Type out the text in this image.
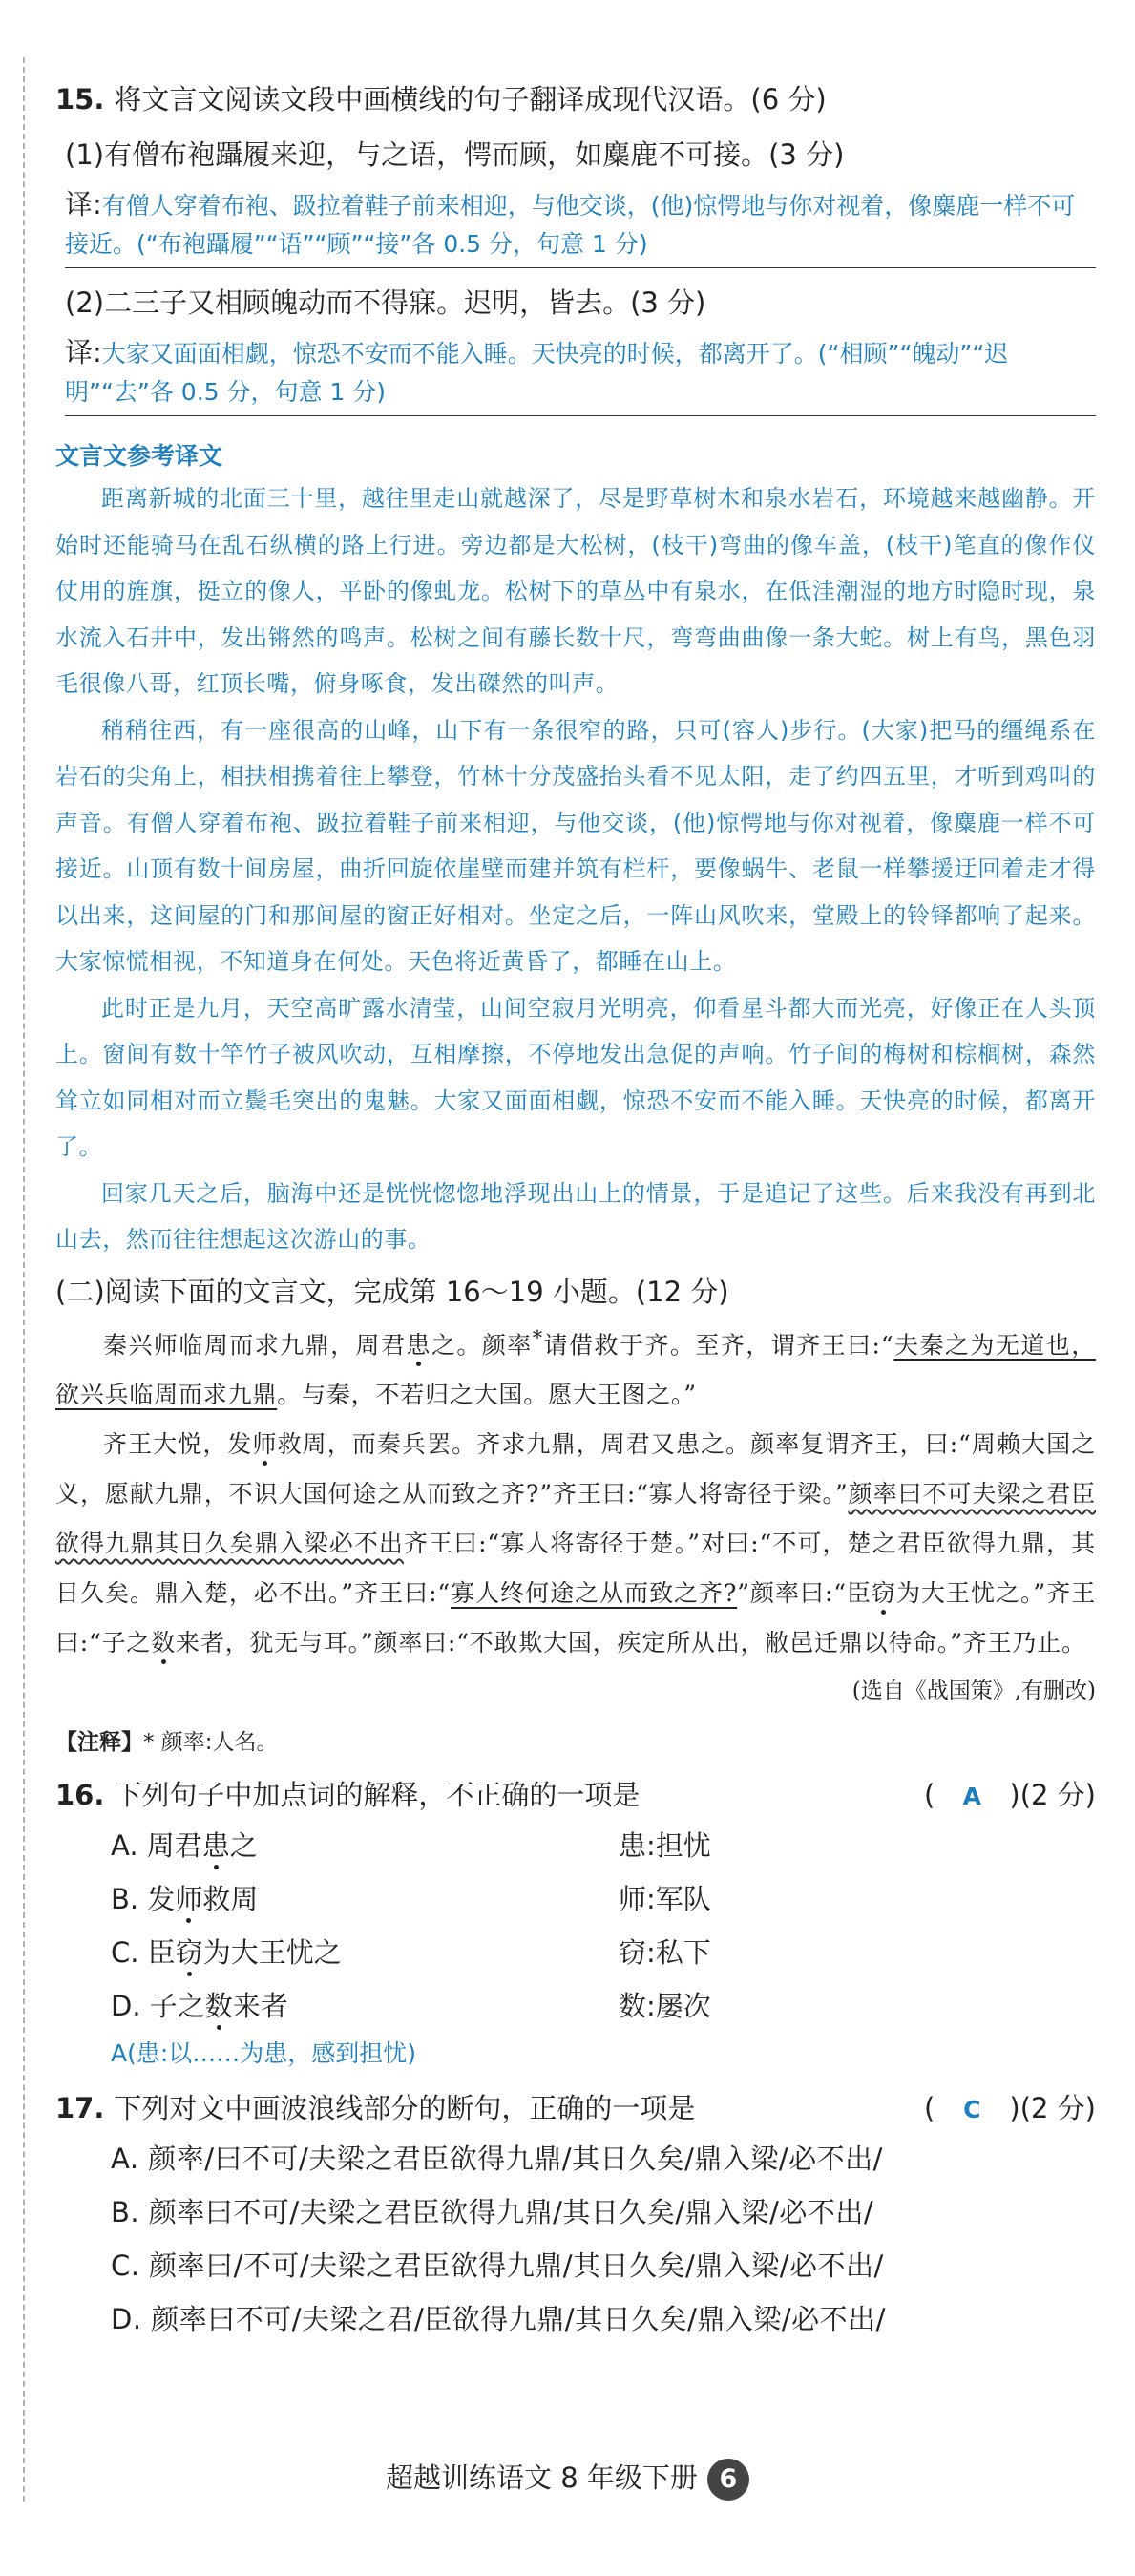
15. 将文言文阅读文段中画横线的句子翻译成现代汉语。(6 分)
(1)有僧布袍躡履来迎，与之语，愕而顾，如麋鹿不可接。(3 分)
译:有僧人穿着布袍、趿拉着鞋子前来相迎，与他交谈，(他)惊愕地与你对视着，像麋鹿一样不可接近。(“布袍躡履”“语”“顾”“接”各 0.5 分，句意 1 分)
(2)二三子又相顾魄动而不得寐。迟明，皆去。(3 分)
译:大家又面面相觑，惊恐不安而不能入睡。天快亮的时候，都离开了。(“相顾”“魄动”“迟明”“去”各 0.5 分，句意 1 分)
文言文参考译文
距离新城的北面三十里，越往里走山就越深了，尽是野草树木和泉水岩石，环境越来越幽静。开始时还能骑马在乱石纵横的路上行进。旁边都是大松树，(枝干)弯曲的像车盖，(枝干)笔直的像作仪仗用的旌旗，挺立的像人，平卧的像虬龙。松树下的草丛中有泉水，在低洼潮湿的地方时隐时现，泉水流入石井中，发出锵然的鸣声。松树之间有藤长数十尺，弯弯曲曲像一条大蛇。树上有鸟，黑色羽毛很像八哥，红顶长嘴，俯身啄食，发出磔然的叫声。
稍稍往西，有一座很高的山峰，山下有一条很窄的路，只可(容人)步行。(大家)把马的缰绳系在岩石的尖角上，相扶相携着往上攀登，竹林十分茂盛抬头看不见太阳，走了约四五里，才听到鸡叫的声音。有僧人穿着布袍、趿拉着鞋子前来相迎，与他交谈，(他)惊愕地与你对视着，像麋鹿一样不可接近。山顶有数十间房屋，曲折回旋依崖壁而建并筑有栏杆，要像蜗牛、老鼠一样攀援迂回着走才得以出来，这间屋的门和那间屋的窗正好相对。坐定之后，一阵山风吹来，堂殿上的铃铎都响了起来。大家惊慌相视，不知道身在何处。天色将近黄昏了，都睡在山上。
此时正是九月，天空高旷露水清莹，山间空寂月光明亮，仰看星斗都大而光亮，好像正在人头顶上。窗间有数十竿竹子被风吹动，互相摩擦，不停地发出急促的声响。竹子间的梅树和棕榈树，森然耸立如同相对而立鬓毛突出的鬼魅。大家又面面相觑，惊恐不安而不能入睡。天快亮的时候，都离开了。
回家几天之后，脑海中还是恍恍惚惚地浮现出山上的情景，于是追记了这些。后来我没有再到北山去，然而往往想起这次游山的事。
(二)阅读下面的文言文，完成第 16～19 小题。(12 分)
秦兴师临周而求九鼎，周君患之。颜率*请借救于齐。至齐，谓齐王曰:“夫秦之为无道也，欲兴兵临周而求九鼎。与秦，不若归之大国。愿大王图之。”
齐王大悦，发师救周，而秦兵罢。齐求九鼎，周君又患之。颜率复谓齐王，曰:“周赖大国之义，愿献九鼎，不识大国何途之从而致之齐?”齐王曰:“寡人将寄径于梁。”颜率曰不可夫梁之君臣欲得九鼎其日久矣鼎入梁必不出齐王曰:“寡人将寄径于楚。”对曰:“不可，楚之君臣欲得九鼎，其日久矣。鼎入楚，必不出。”齐王曰:“寡人终何途之从而致之齐?”颜率曰:“臣窃为大王忧之。”齐王曰:“子之数来者，犹无与耳。”颜率曰:“不敢欺大国，疾定所从出，敝邑迁鼎以待命。”齐王乃止。
(选自《战国策》,有删改)
【注释】* 颜率:人名。
16. 下列句子中加点词的解释，不正确的一项是	( A )(2 分)
A. 周君患之	患:担忧
B. 发师救周	师:军队
C. 臣窃为大王忧之	窃:私下
D. 子之数来者	数:屡次
A(患:以……为患，感到担忧)
17. 下列对文中画波浪线部分的断句，正确的一项是	( C )(2 分)
A. 颜率/曰不可/夫梁之君臣欲得九鼎/其日久矣/鼎入梁/必不出/
B. 颜率曰不可/夫梁之君臣欲得九鼎/其日久矣/鼎入梁/必不出/
C. 颜率曰/不可/夫梁之君臣欲得九鼎/其日久矣/鼎入梁/必不出/
D. 颜率曰不可/夫梁之君/臣欲得九鼎/其日久矣/鼎入梁/必不出/
超越训练语文 8 年级下册 6
